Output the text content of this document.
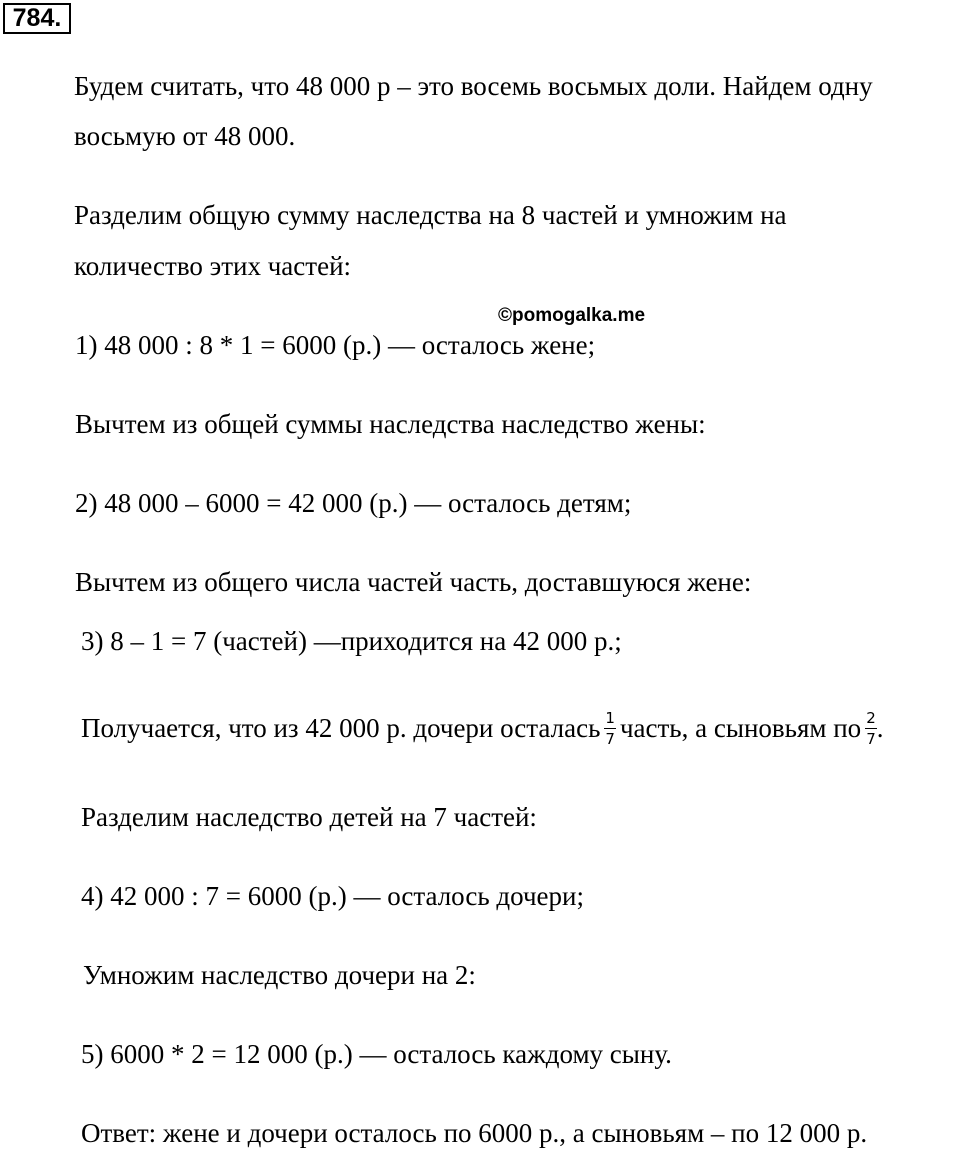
784.
Будем считать, что 48 000 р – это восемь восьмых доли. Найдем одну
восьмую от 48 000.
Разделим общую сумму наследства на 8 частей и умножим на
количество этих частей:
©pomogalka.me
1) 48 000 : 8 * 1 = 6000 (р.) — осталось жене;
Вычтем из общей суммы наследства наследство жены:
2) 48 000 – 6000 = 42 000 (р.) — осталось детям;
Вычтем из общего числа частей часть, доставшуюся жене:
3) 8 – 1 = 7 (частей) —приходится на 42 000 р.;
Получается, что из 42 000 р. дочери осталась $\frac{1}{7}$ часть, а сыновьям по $\frac{2}{7}$ .
Разделим наследство детей на 7 частей:
4) 42 000 : 7 = 6000 (р.) — осталось дочери;
Умножим наследство дочери на 2:
5) 6000 * 2 = 12 000 (р.) — осталось каждому сыну.
Ответ: жене и дочери осталось по 6000 р., а сыновьям – по 12 000 р.
